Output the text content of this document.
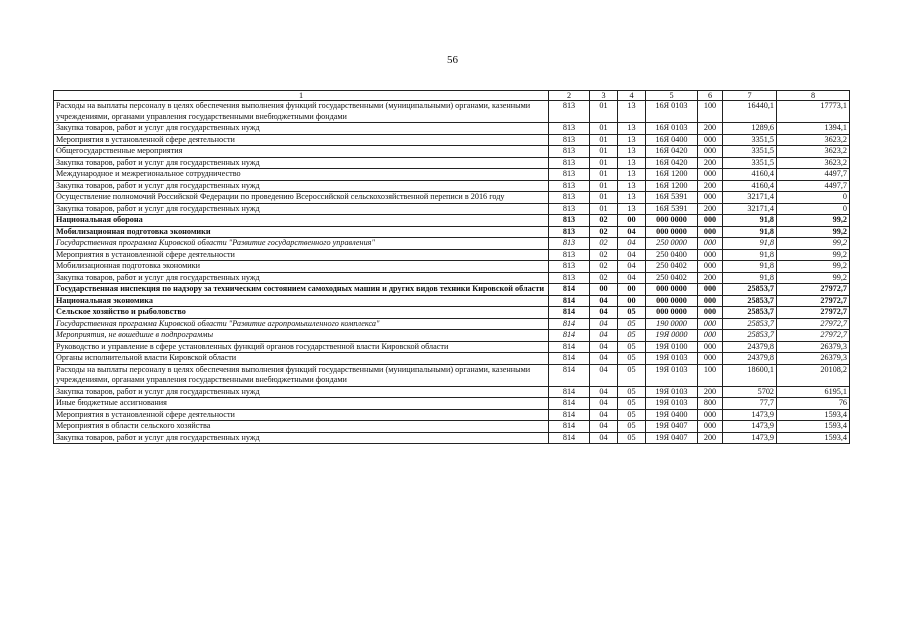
56
1	2	3	4	5	6	7	8
Расходы на выплаты персоналу в целях обеспечения выполнения функций государственными (муниципальными) органами, казенными учреждениями, органами управления государственными внебюджетными фондами	813	01	13	16Я 0103	100	16440,1	17773,1
Закупка товаров, работ и услуг для государственных нужд	813	01	13	16Я 0103	200	1289,6	1394,1
Мероприятия в установленной сфере деятельности	813	01	13	16Я 0400	000	3351,5	3623,2
Общегосударственные мероприятия	813	01	13	16Я 0420	000	3351,5	3623,2
Закупка товаров, работ и услуг для государственных нужд	813	01	13	16Я 0420	200	3351,5	3623,2
Международное и межрегиональное сотрудничество	813	01	13	16Я 1200	000	4160,4	4497,7
Закупка товаров, работ и услуг для государственных нужд	813	01	13	16Я 1200	200	4160,4	4497,7
Осуществление полномочий Российской Федерации по проведению Всероссийской сельскохозяйственной переписи в 2016 году	813	01	13	16Я 5391	000	32171,4	0
Закупка товаров, работ и услуг для государственных нужд	813	01	13	16Я 5391	200	32171,4	0
Национальная оборона	813	02	00	000 0000	000	91,8	99,2
Мобилизационная подготовка экономики	813	02	04	000 0000	000	91,8	99,2
Государственная программа Кировской области "Развитие государственного управления"	813	02	04	250 0000	000	91,8	99,2
Мероприятия в установленной сфере деятельности	813	02	04	250 0400	000	91,8	99,2
Мобилизационная подготовка экономики	813	02	04	250 0402	000	91,8	99,2
Закупка товаров, работ и услуг для государственных нужд	813	02	04	250 0402	200	91,8	99,2
Государственная инспекция по надзору за техническим состоянием самоходных машин и других видов техники Кировской области	814	00	00	000 0000	000	25853,7	27972,7
Национальная экономика	814	04	00	000 0000	000	25853,7	27972,7
Сельское хозяйство и рыболовство	814	04	05	000 0000	000	25853,7	27972,7
Государственная программа Кировской области "Развитие агропромышленного комплекса"	814	04	05	190 0000	000	25853,7	27972,7
Мероприятия, не вошедшие в подпрограммы	814	04	05	19Я 0000	000	25853,7	27972,7
Руководство и управление в сфере установленных функций органов государственной власти Кировской области	814	04	05	19Я 0100	000	24379,8	26379,3
Органы исполнительной власти Кировской области	814	04	05	19Я 0103	000	24379,8	26379,3
Расходы на выплаты персоналу в целях обеспечения выполнения функций государственными (муниципальными) органами, казенными учреждениями, органами управления государственными внебюджетными фондами	814	04	05	19Я 0103	100	18600,1	20108,2
Закупка товаров, работ и услуг для государственных нужд	814	04	05	19Я 0103	200	5702	6195,1
Иные бюджетные ассигнования	814	04	05	19Я 0103	800	77,7	76
Мероприятия в установленной сфере деятельности	814	04	05	19Я 0400	000	1473,9	1593,4
Мероприятия в области сельского хозяйства	814	04	05	19Я 0407	000	1473,9	1593,4
Закупка товаров, работ и услуг для государственных нужд	814	04	05	19Я 0407	200	1473,9	1593,4
